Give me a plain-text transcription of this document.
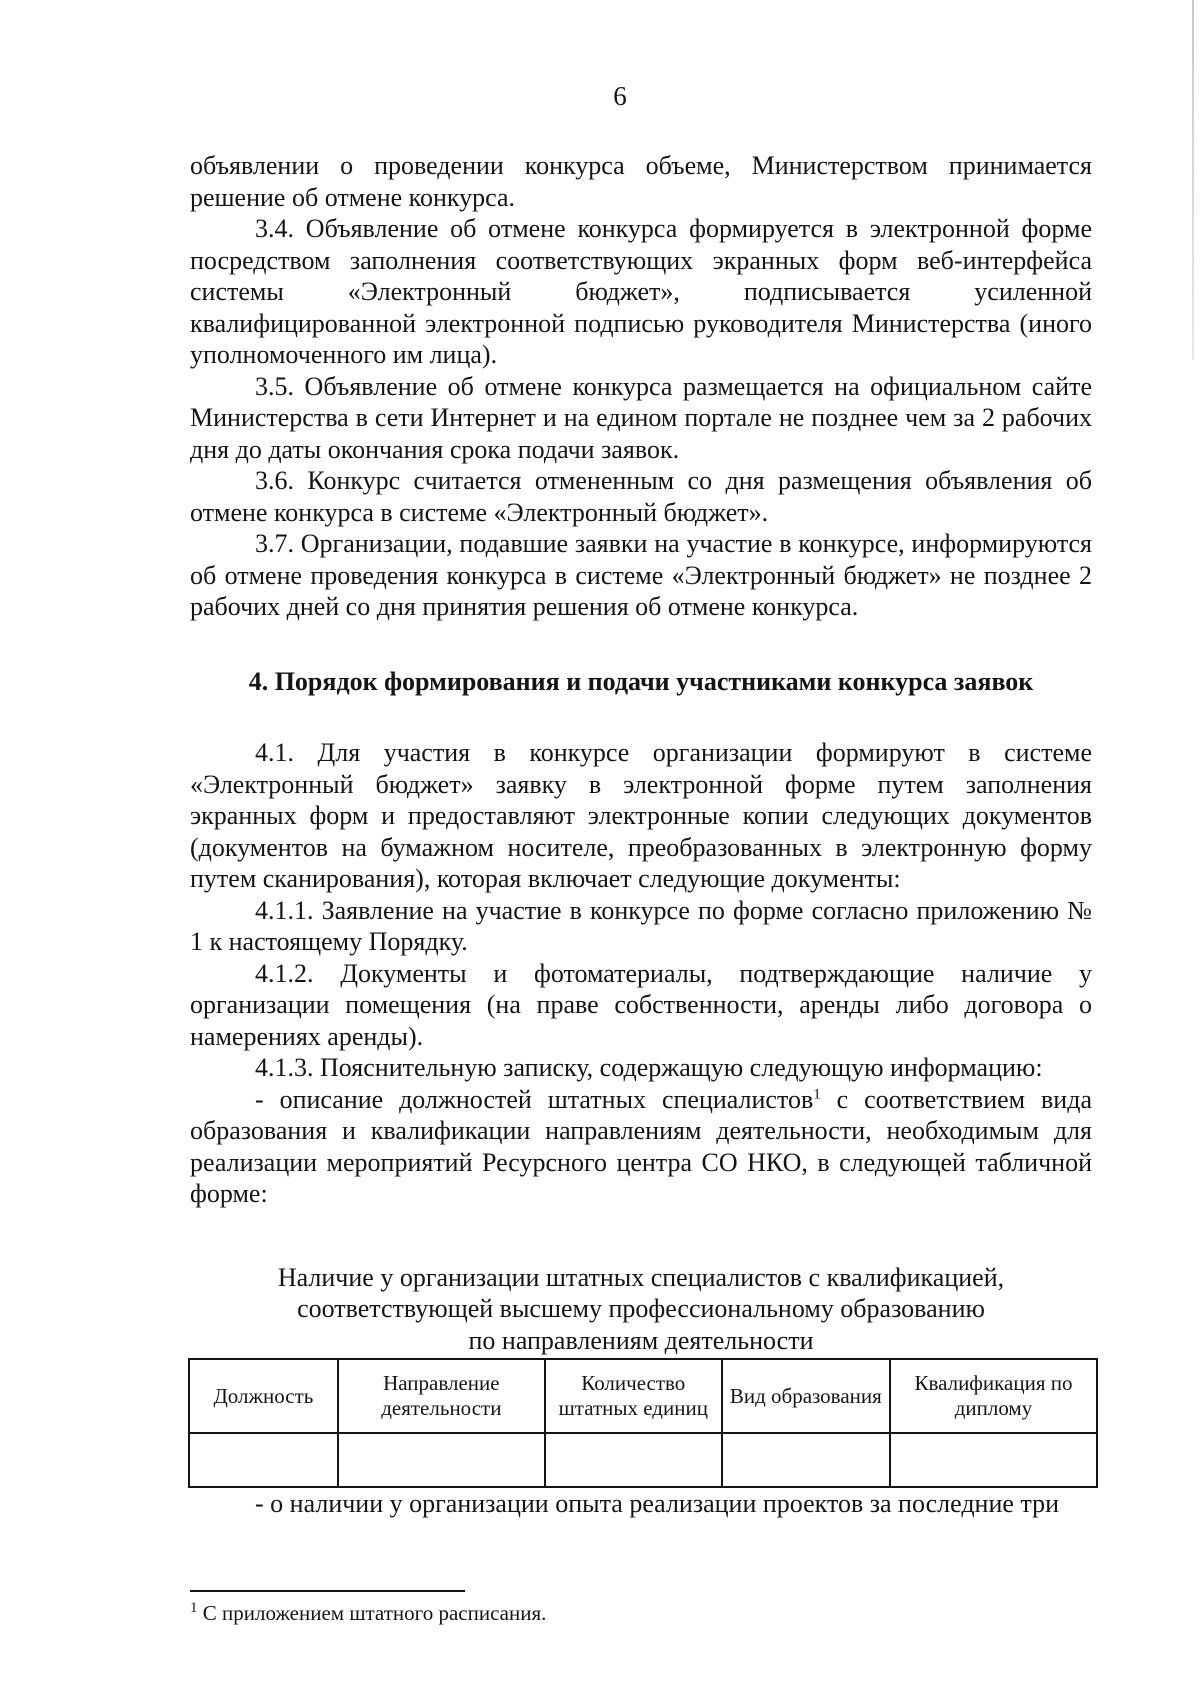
6

объявлении о проведении конкурса объеме, Министерством принимается решение об отмене конкурса.

3.4. Объявление об отмене конкурса формируется в электронной форме посредством заполнения соответствующих экранных форм веб-интерфейса системы «Электронный бюджет», подписывается усиленной квалифицированной электронной подписью руководителя Министерства (иного уполномоченного им лица).

3.5. Объявление об отмене конкурса размещается на официальном сайте Министерства в сети Интернет и на едином портале не позднее чем за 2 рабочих дня до даты окончания срока подачи заявок.

3.6. Конкурс считается отмененным со дня размещения объявления об отмене конкурса в системе «Электронный бюджет».

3.7. Организации, подавшие заявки на участие в конкурсе, информируются об отмене проведения конкурса в системе «Электронный бюджет» не позднее 2 рабочих дней со дня принятия решения об отмене конкурса.

4. Порядок формирования и подачи участниками конкурса заявок

4.1. Для участия в конкурсе организации формируют в системе «Электронный бюджет» заявку в электронной форме путем заполнения экранных форм и предоставляют электронные копии следующих документов (документов на бумажном носителе, преобразованных в электронную форму путем сканирования), которая включает следующие документы:

4.1.1. Заявление на участие в конкурсе по форме согласно приложению № 1 к настоящему Порядку.

4.1.2. Документы и фотоматериалы, подтверждающие наличие у организации помещения (на праве собственности, аренды либо договора о намерениях аренды).

4.1.3. Пояснительную записку, содержащую следующую информацию:

- описание должностей штатных специалистов$^1$ с соответствием вида образования и квалификации направлениям деятельности, необходимым для реализации мероприятий Ресурсного центра СО НКО, в следующей табличной форме:

Наличие у организации штатных специалистов с квалификацией,
соответствующей высшему профессиональному образованию
по направлениям деятельности
Должность	Направление деятельности	Количество штатных единиц	Вид образования	Квалификация по диплому

- о наличии у организации опыта реализации проектов за последние три

$^1$ С приложением штатного расписания.
